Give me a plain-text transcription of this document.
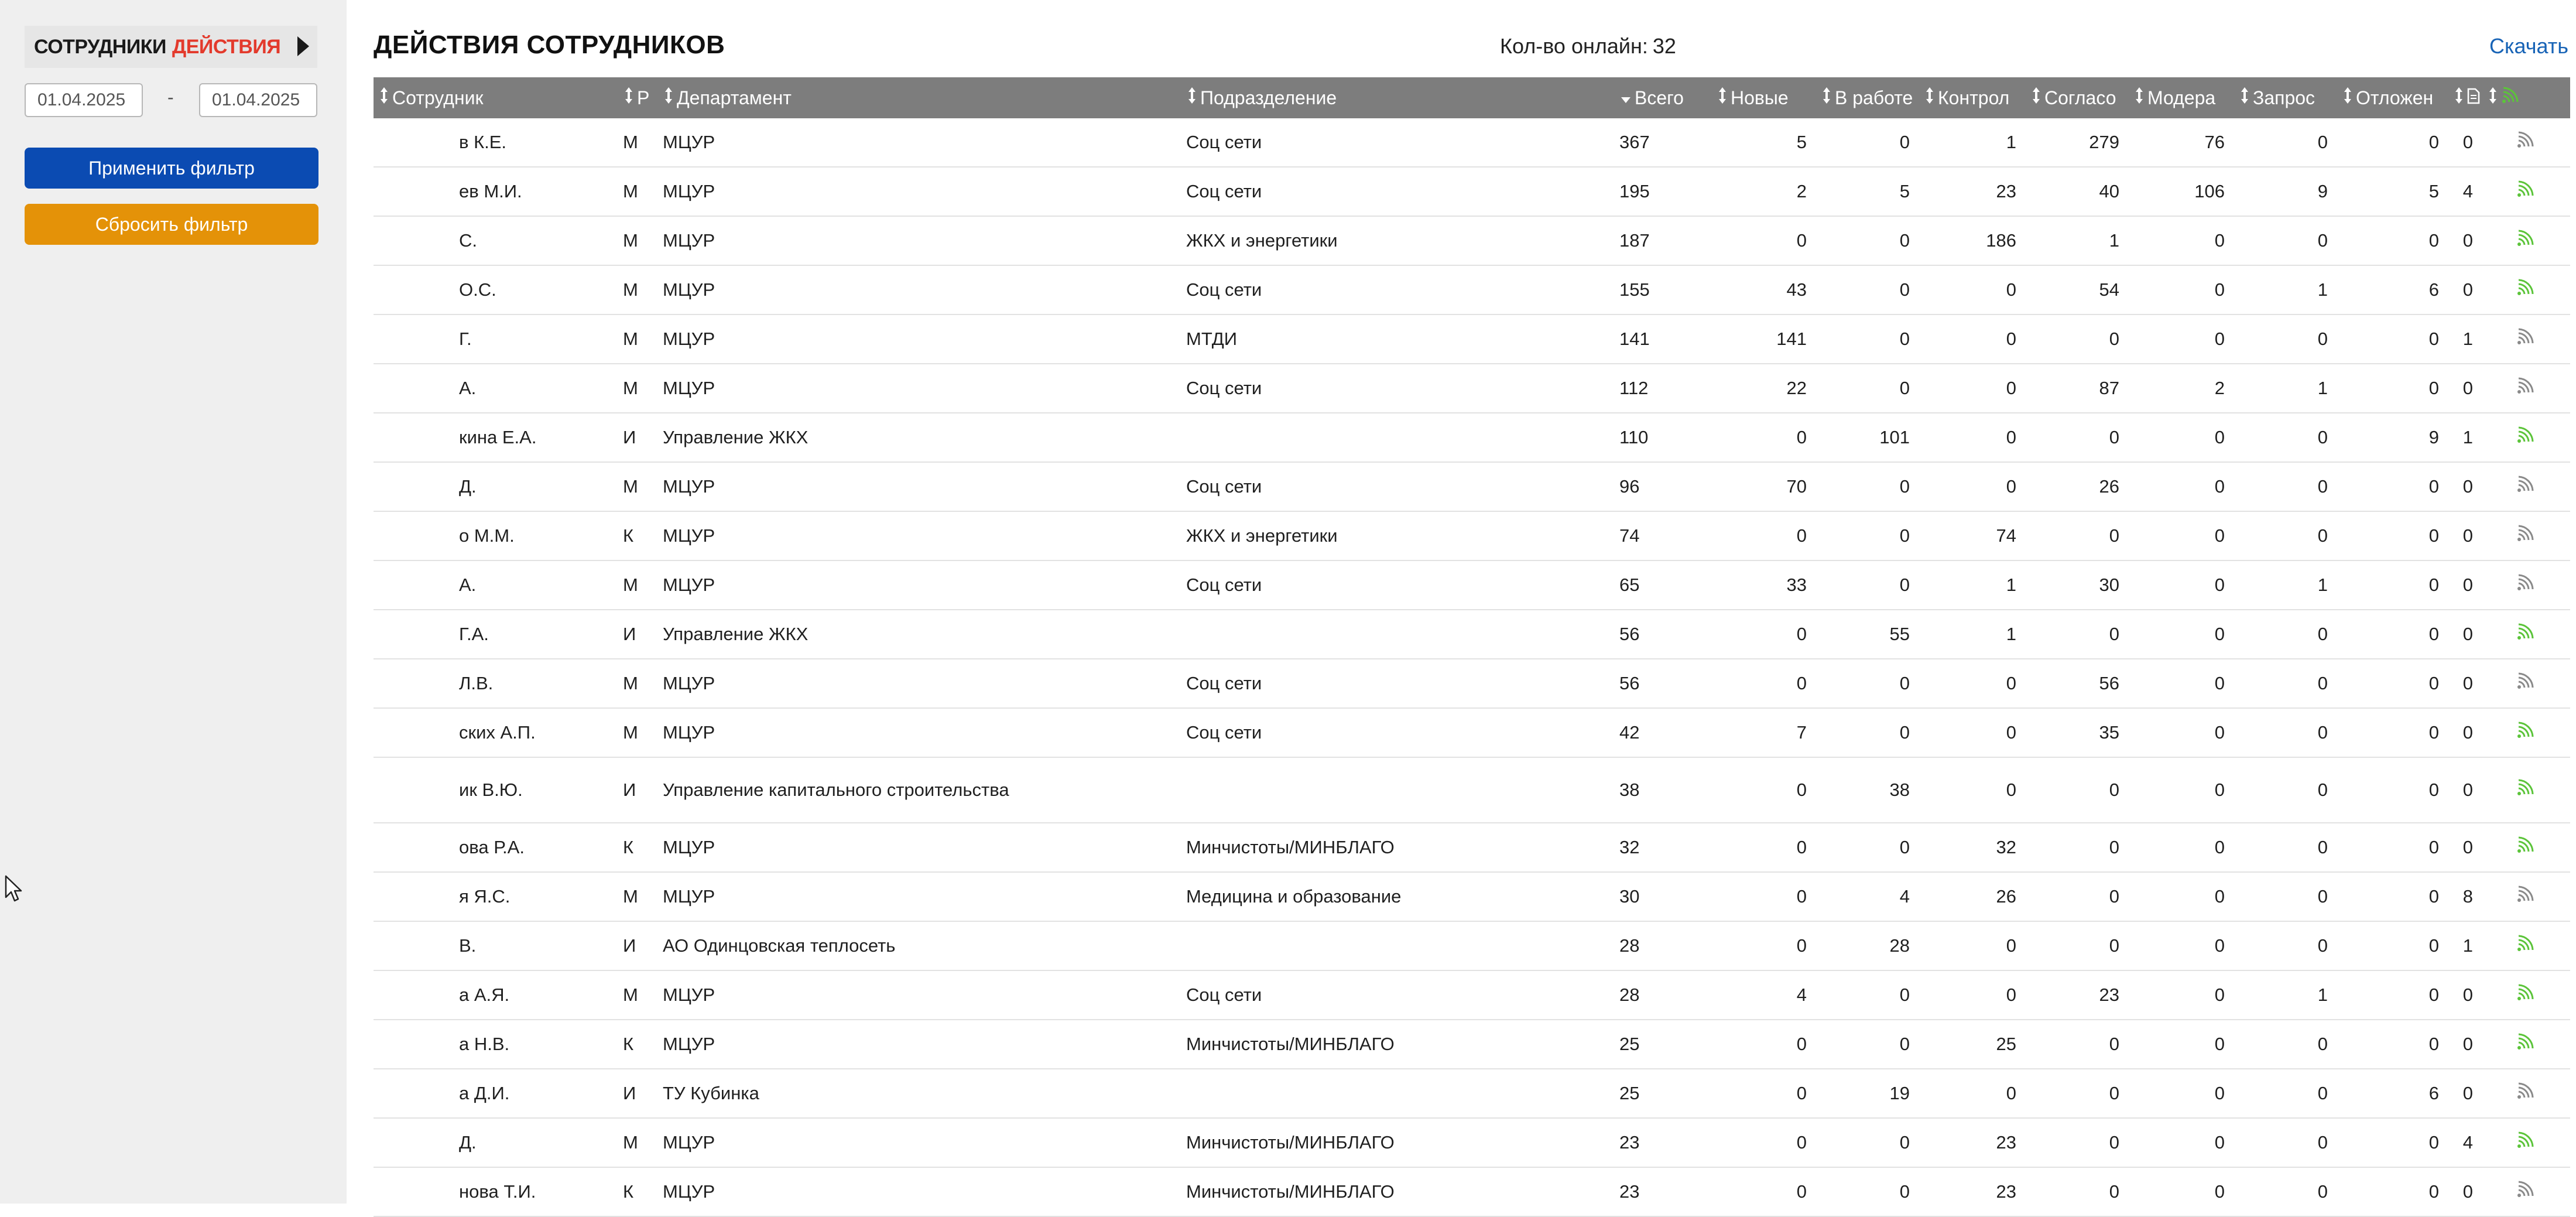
СОТРУДНИКИ ДЕЙСТВИЯ
01.04.2025
-
01.04.2025
Применить фильтр
Сбросить фильтр
ДЕЙСТВИЯ СОТРУДНИКОВ	Кол-во онлайн: 32	Скачать
Сотрудник	Р	Департамент	Подразделение	Всего	Новые	В работе	Контрол	Согласо	Модера	Запрос	Отложен		
в К.Е.	М	МЦУР	Соц сети	367	5	0	1	279	76	0	0	0	
ев М.И.	М	МЦУР	Соц сети	195	2	5	23	40	106	9	5	4	
С.	М	МЦУР	ЖКХ и энергетики	187	0	0	186	1	0	0	0	0	
О.С.	М	МЦУР	Соц сети	155	43	0	0	54	0	1	6	0	
Г.	М	МЦУР	МТДИ	141	141	0	0	0	0	0	0	1	
А.	М	МЦУР	Соц сети	112	22	0	0	87	2	1	0	0	
кина Е.А.	И	Управление ЖКХ		110	0	101	0	0	0	0	9	1	
Д.	М	МЦУР	Соц сети	96	70	0	0	26	0	0	0	0	
о М.М.	К	МЦУР	ЖКХ и энергетики	74	0	0	74	0	0	0	0	0	
А.	М	МЦУР	Соц сети	65	33	0	1	30	0	1	0	0	
Г.А.	И	Управление ЖКХ		56	0	55	1	0	0	0	0	0	
Л.В.	М	МЦУР	Соц сети	56	0	0	0	56	0	0	0	0	
ских А.П.	М	МЦУР	Соц сети	42	7	0	0	35	0	0	0	0	
ик В.Ю.	И	Управление капитального строительства		38	0	38	0	0	0	0	0	0	
ова Р.А.	К	МЦУР	Минчистоты/МИНБЛАГО	32	0	0	32	0	0	0	0	0	
я Я.С.	М	МЦУР	Медицина и образование	30	0	4	26	0	0	0	0	8	
В.	И	АО Одинцовская теплосеть		28	0	28	0	0	0	0	0	1	
а А.Я.	М	МЦУР	Соц сети	28	4	0	0	23	0	1	0	0	
а Н.В.	К	МЦУР	Минчистоты/МИНБЛАГО	25	0	0	25	0	0	0	0	0	
а Д.И.	И	ТУ Кубинка		25	0	19	0	0	0	0	6	0	
Д.	М	МЦУР	Минчистоты/МИНБЛАГО	23	0	0	23	0	0	0	0	4	
нова Т.И.	К	МЦУР	Минчистоты/МИНБЛАГО	23	0	0	23	0	0	0	0	0	
